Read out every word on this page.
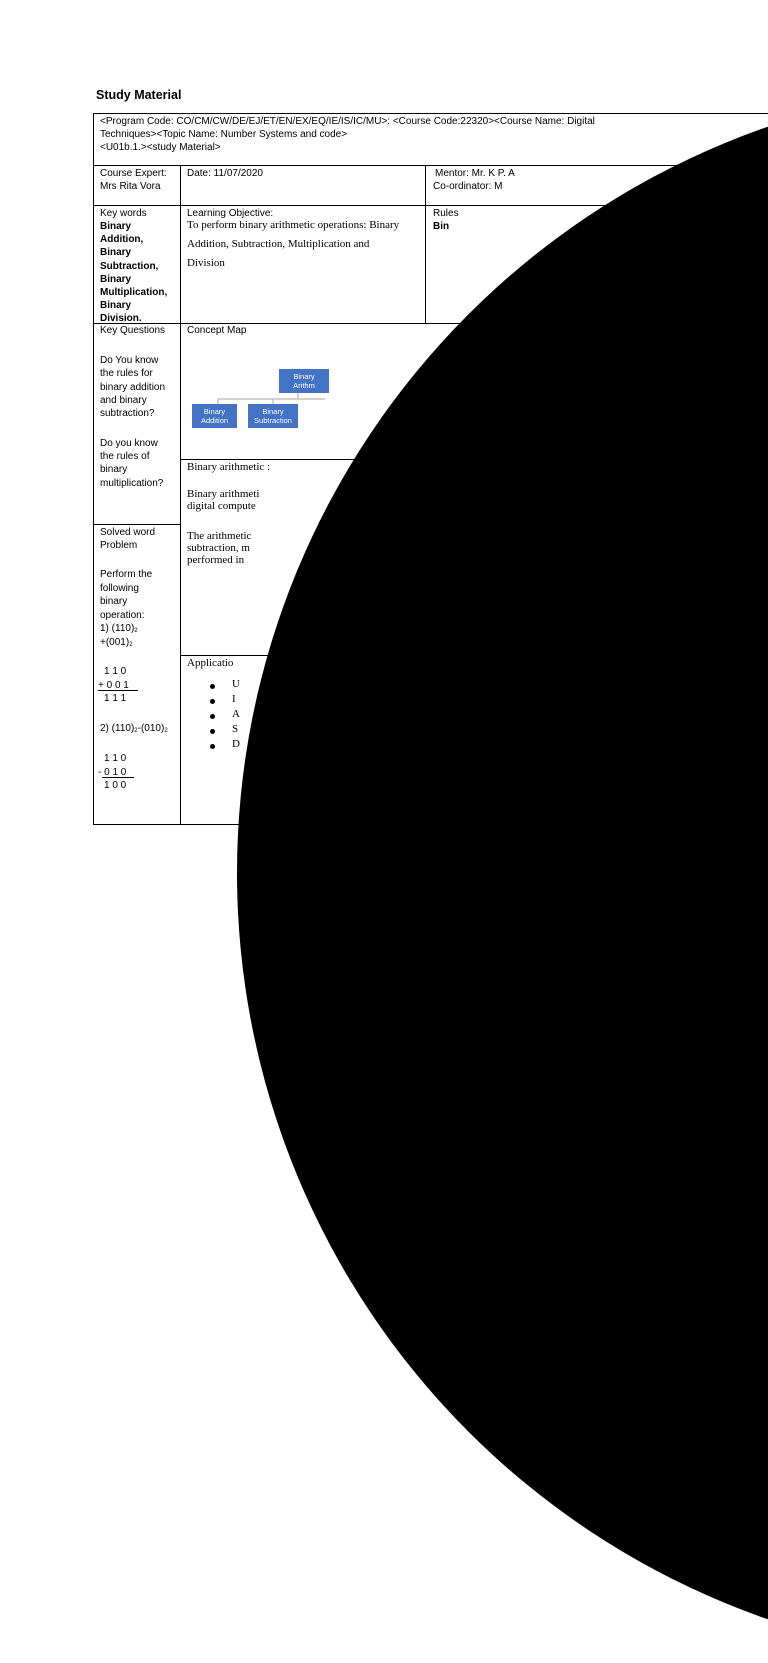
Study Material
<Program Code: CO/CM/CW/DE/EJ/ET/EN/EX/EQ/IE/IS/IC/MU>: <Course Code:22320><Course Name: Digital
Techniques><Topic Name: Number Systems and code>
<U01b.1.><study Material>
Course Expert:
Mrs Rita Vora
Date: 11/07/2020	Mentor: Mr. K P. A
Co-ordinator: M
Key words
Binary
Addition,
Binary
Subtraction,
Binary
Multiplication,
Binary
Division.
Learning Objective:
To perform binary arithmetic operations: Binary
Addition, Subtraction, Multiplication and
Division
Rules
Bin
Key Questions
Do You know
the rules for
binary addition
and binary
subtraction?
Do you know
the rules of
binary
multiplication?
Concept Map
Binary
Arithm
Binary
Addition
Binary
Subtraction
Binary arithmetic :
Binary arithmeti
digital compute
The arithmetic
subtraction, m
performed in
Solved word
Problem
Perform the
following
binary
operation:
1) $(110)_2$
$+(001)_2$
1 1 0
+ 0 0 1
1 1 1
2) $(110)_2-(010)_2$
1 1 0
- 0 1 0
1 0 0
Applicatio
U
I
A
S
D
